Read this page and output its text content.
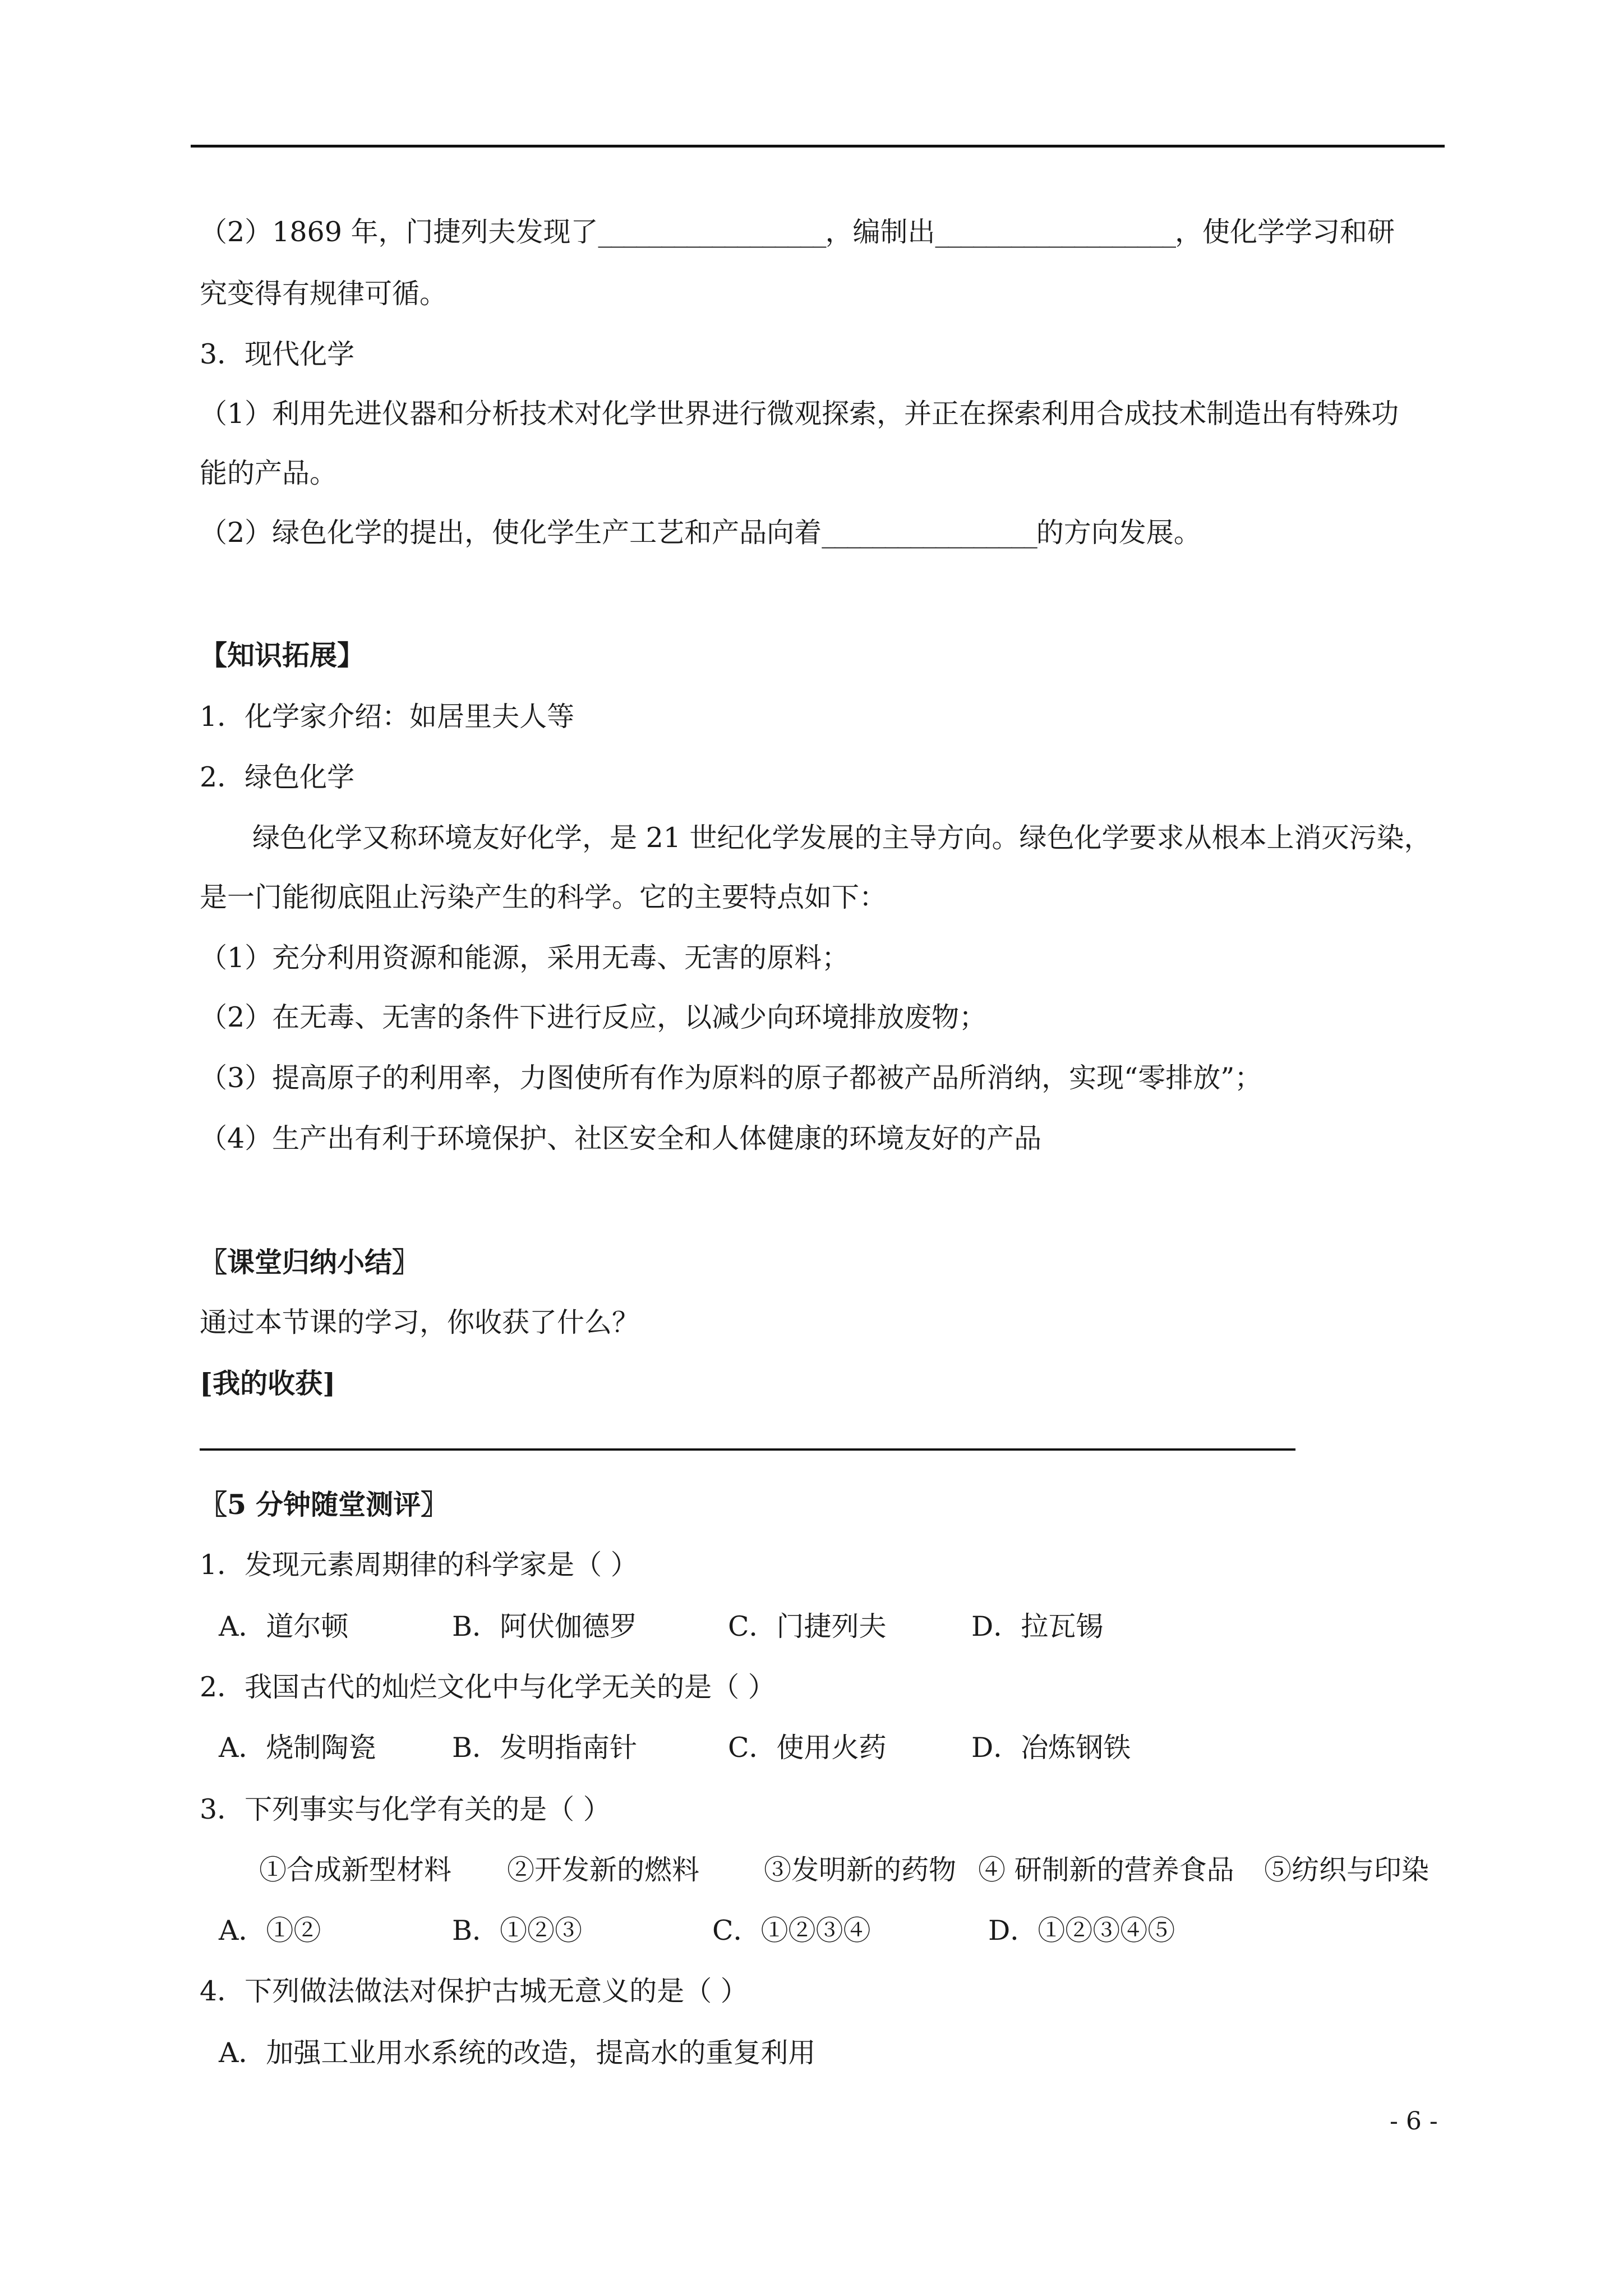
（2）1869 年，门捷列夫发现了__________________，编制出___________________，使化学学习和研
究变得有规律可循。
3．现代化学
（1）利用先进仪器和分析技术对化学世界进行微观探索，并正在探索利用合成技术制造出有特殊功
能的产品。
（2）绿色化学的提出，使化学生产工艺和产品向着_________________的方向发展。
【知识拓展】
1．化学家介绍：如居里夫人等
2．绿色化学
绿色化学又称环境友好化学，是 21 世纪化学发展的主导方向。绿色化学要求从根本上消灭污染，
是一门能彻底阻止污染产生的科学。它的主要特点如下：
（1）充分利用资源和能源，采用无毒、无害的原料；
（2）在无毒、无害的条件下进行反应，以减少向环境排放废物；
（3）提高原子的利用率，力图使所有作为原料的原子都被产品所消纳，实现“零排放”；
（4）生产出有利于环境保护、社区安全和人体健康的环境友好的产品
〖课堂归纳小结〗
通过本节课的学习，你收获了什么？
[我的收获]
〖5 分钟随堂测评〗
1．发现元素周期律的科学家是（ ）
A．道尔顿	B．阿伏伽德罗	C．门捷列夫	D．拉瓦锡
2．我国古代的灿烂文化中与化学无关的是（ ）
A．烧制陶瓷	B．发明指南针	C．使用火药	D．冶炼钢铁
3．下列事实与化学有关的是（ ）
①合成新型材料 ②开发新的燃料 ③发明新的药物 ④ 研制新的营养食品 ⑤纺织与印染
A．①②	B．①②③	C．①②③④	D．①②③④⑤
4．下列做法做法对保护古城无意义的是（ ）
A．加强工业用水系统的改造，提高水的重复利用
- 6 -
